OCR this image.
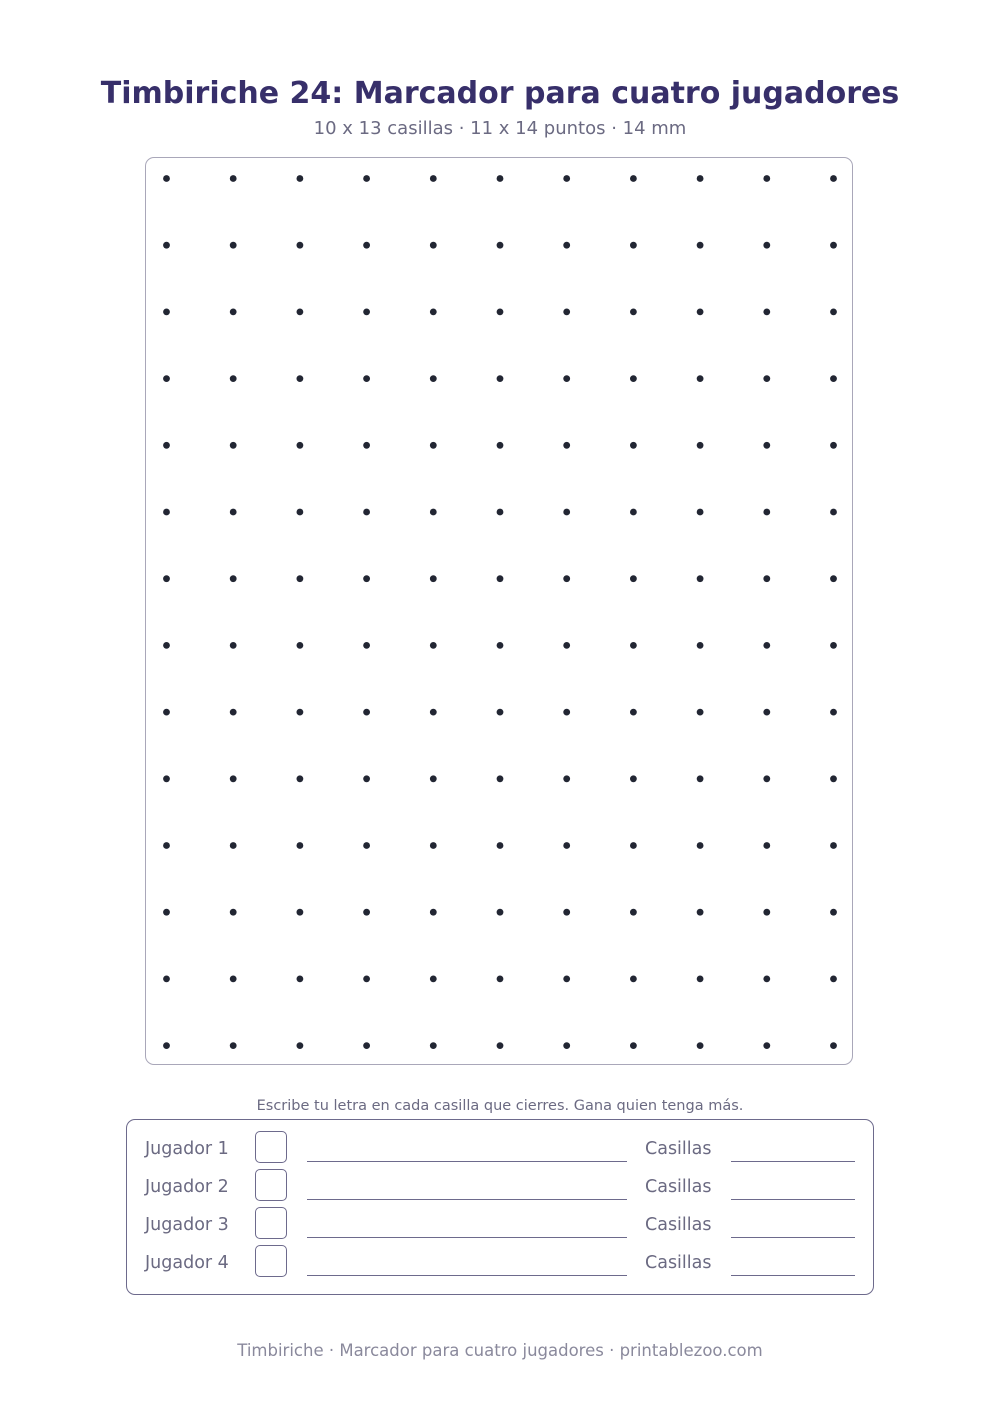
Timbiriche 24: Marcador para cuatro jugadores
10 x 13 casillas · 11 x 14 puntos · 14 mm
Escribe tu letra en cada casilla que cierres. Gana quien tenga más.
Jugador 1	Casillas
Jugador 2	Casillas
Jugador 3	Casillas
Jugador 4	Casillas
Timbiriche · Marcador para cuatro jugadores · printablezoo.com
